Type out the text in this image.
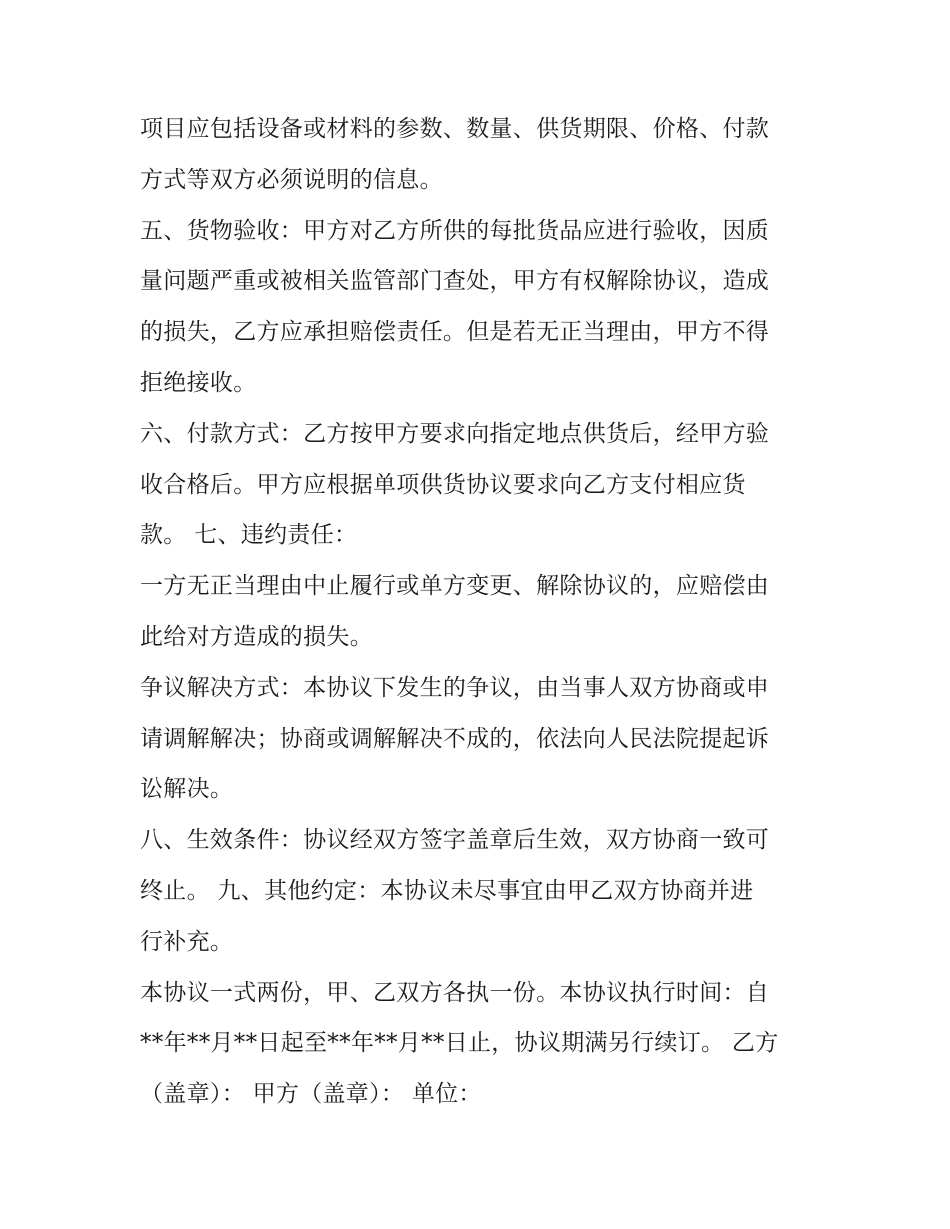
项目应包括设备或材料的参数、数量、供货期限、价格、付款
方式等双方必须说明的信息。
五、货物验收：甲方对乙方所供的每批货品应进行验收，因质
量问题严重或被相关监管部门查处，甲方有权解除协议，造成
的损失，乙方应承担赔偿责任。但是若无正当理由，甲方不得
拒绝接收。
六、付款方式：乙方按甲方要求向指定地点供货后，经甲方验
收合格后。甲方应根据单项供货协议要求向乙方支付相应货
款。 七、违约责任：
一方无正当理由中止履行或单方变更、解除协议的，应赔偿由
此给对方造成的损失。
争议解决方式：本协议下发生的争议，由当事人双方协商或申
请调解解决；协商或调解解决不成的，依法向人民法院提起诉
讼解决。
八、生效条件：协议经双方签字盖章后生效，双方协商一致可
终止。 九、其他约定：本协议未尽事宜由甲乙双方协商并进
行补充。
本协议一式两份，甲、乙双方各执一份。本协议执行时间：自
**年**月**日起至**年**月**日止，协议期满另行续订。 乙方
（盖章）： 甲方（盖章）： 单位：
